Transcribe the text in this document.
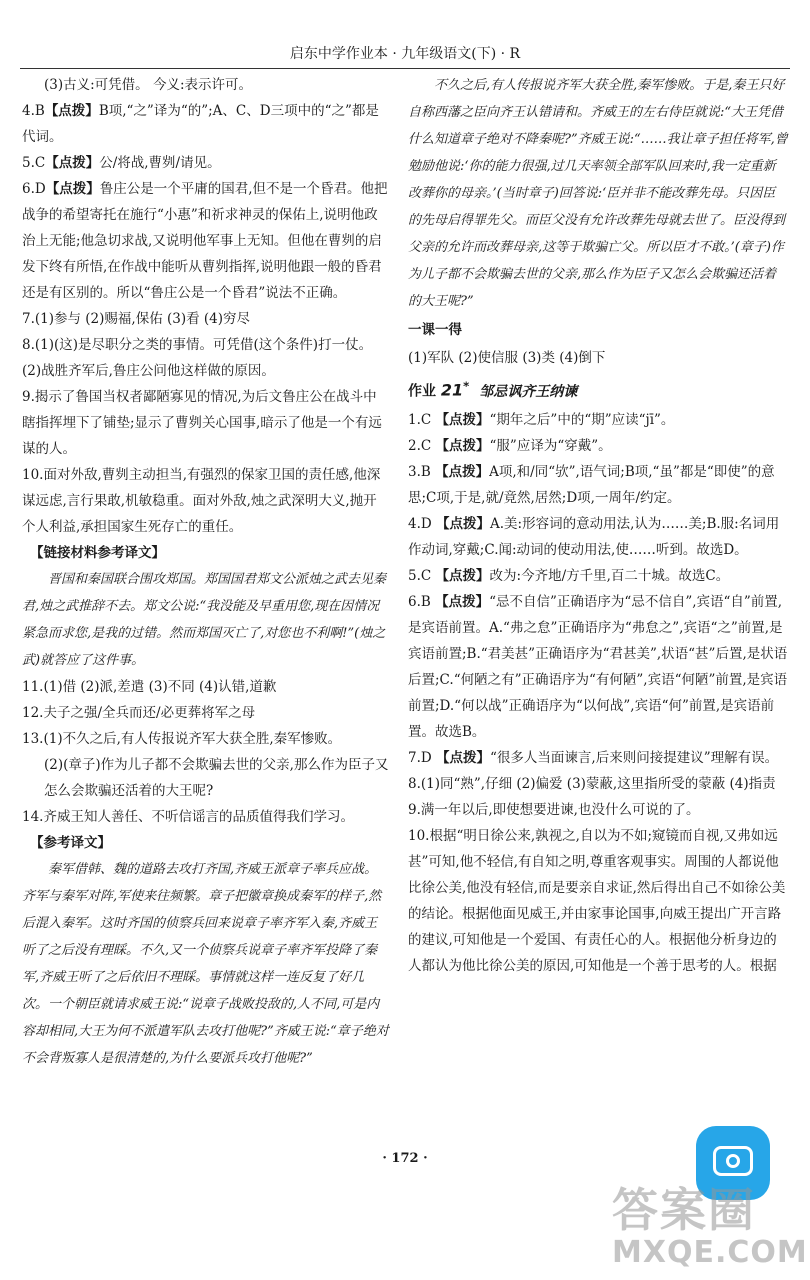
启东中学作业本 · 九年级语文(下) · R

(3)古义:可凭借。 今义:表示许可。

4.B【点拨】B项,“之”译为“的”;A、C、D三项中的“之”都是代词。

5.C【点拨】公/将战,曹刿/请见。

6.D【点拨】鲁庄公是一个平庸的国君,但不是一个昏君。他把战争的希望寄托在施行“小惠”和祈求神灵的保佑上,说明他政治上无能;他急切求战,又说明他军事上无知。但他在曹刿的启发下终有所悟,在作战中能听从曹刿指挥,说明他跟一般的昏君还是有区别的。所以“鲁庄公是一个昏君”说法不正确。

7.(1)参与 (2)赐福,保佑 (3)看 (4)穷尽

8.(1)(这)是尽职分之类的事情。可凭借(这个条件)打一仗。(2)战胜齐军后,鲁庄公问他这样做的原因。

9.揭示了鲁国当权者鄙陋寡见的情况,为后文鲁庄公在战斗中瞎指挥埋下了铺垫;显示了曹刿关心国事,暗示了他是一个有远谋的人。

10.面对外敌,曹刿主动担当,有强烈的保家卫国的责任感,他深谋远虑,言行果敢,机敏稳重。面对外敌,烛之武深明大义,抛开个人利益,承担国家生死存亡的重任。

【链接材料参考译文】

晋国和秦国联合围攻郑国。郑国国君郑文公派烛之武去见秦君,烛之武推辞不去。郑文公说:“我没能及早重用您,现在因情况紧急而求您,是我的过错。然而郑国灭亡了,对您也不利啊!”(烛之武)就答应了这件事。

11.(1)借 (2)派,差遣 (3)不同 (4)认错,道歉

12.夫子之强/全兵而还/必更葬将军之母

13.(1)不久之后,有人传报说齐军大获全胜,秦军惨败。

(2)(章子)作为儿子都不会欺骗去世的父亲,那么作为臣子又怎么会欺骗还活着的大王呢?

14.齐威王知人善任、不听信谣言的品质值得我们学习。

【参考译文】

秦军借韩、魏的道路去攻打齐国,齐威王派章子率兵应战。齐军与秦军对阵,军使来往频繁。章子把徽章换成秦军的样子,然后混入秦军。这时齐国的侦察兵回来说章子率齐军入秦,齐威王听了之后没有理睬。不久,又一个侦察兵说章子率齐军投降了秦军,齐威王听了之后依旧不理睬。事情就这样一连反复了好几次。一个朝臣就请求威王说:“说章子战败投敌的,人不同,可是内容却相同,大王为何不派遣军队去攻打他呢?”齐威王说:“章子绝对不会背叛寡人是很清楚的,为什么要派兵攻打他呢?”

不久之后,有人传报说齐军大获全胜,秦军惨败。于是,秦王只好自称西藩之臣向齐王认错请和。齐威王的左右侍臣就说:“大王凭借什么知道章子绝对不降秦呢?”齐威王说:“……我让章子担任将军,曾勉励他说:‘你的能力很强,过几天率领全部军队回来时,我一定重新改葬你的母亲。’(当时章子)回答说:‘臣并非不能改葬先母。只因臣的先母启得罪先父。而臣父没有允许改葬先母就去世了。臣没得到父亲的允许而改葬母亲,这等于欺骗亡父。所以臣才不敢。’(章子)作为儿子都不会欺骗去世的父亲,那么作为臣子又怎么会欺骗还活着的大王呢?”

一课一得

(1)军队 (2)使信服 (3)类 (4)倒下

作业 21* 邹忌讽齐王纳谏

1.C 【点拨】“期年之后”中的“期”应读“jī”。

2.C 【点拨】“服”应译为“穿戴”。

3.B 【点拨】A项,和/同“欤”,语气词;B项,“虽”都是“即使”的意思;C项,于是,就/竟然,居然;D项,一周年/约定。

4.D 【点拨】A.美:形容词的意动用法,认为……美;B.服:名词用作动词,穿戴;C.闻:动词的使动用法,使……听到。故选D。

5.C 【点拨】改为:今齐地/方千里,百二十城。故选C。

6.B 【点拨】“忌不自信”正确语序为“忌不信自”,宾语“自”前置,是宾语前置。A.“弗之怠”正确语序为“弗怠之”,宾语“之”前置,是宾语前置;B.“君美甚”正确语序为“君甚美”,状语“甚”后置,是状语后置;C.“何陋之有”正确语序为“有何陋”,宾语“何陋”前置,是宾语前置;D.“何以战”正确语序为“以何战”,宾语“何”前置,是宾语前置。故选B。

7.D 【点拨】“很多人当面谏言,后来则问接提建议”理解有误。

8.(1)同“熟”,仔细 (2)偏爱 (3)蒙蔽,这里指所受的蒙蔽 (4)指责

9.满一年以后,即使想要进谏,也没什么可说的了。

10.根据“明日徐公来,孰视之,自以为不如;窥镜而自视,又弗如远甚”可知,他不轻信,有自知之明,尊重客观事实。周围的人都说他比徐公美,他没有轻信,而是要亲自求证,然后得出自己不如徐公美的结论。根据他面见威王,并由家事论国事,向威王提出广开言路的建议,可知他是一个爱国、有责任心的人。根据他分析身边的人都认为他比徐公美的原因,可知他是一个善于思考的人。根据

· 172 ·
答案圈
MXQE.COM
